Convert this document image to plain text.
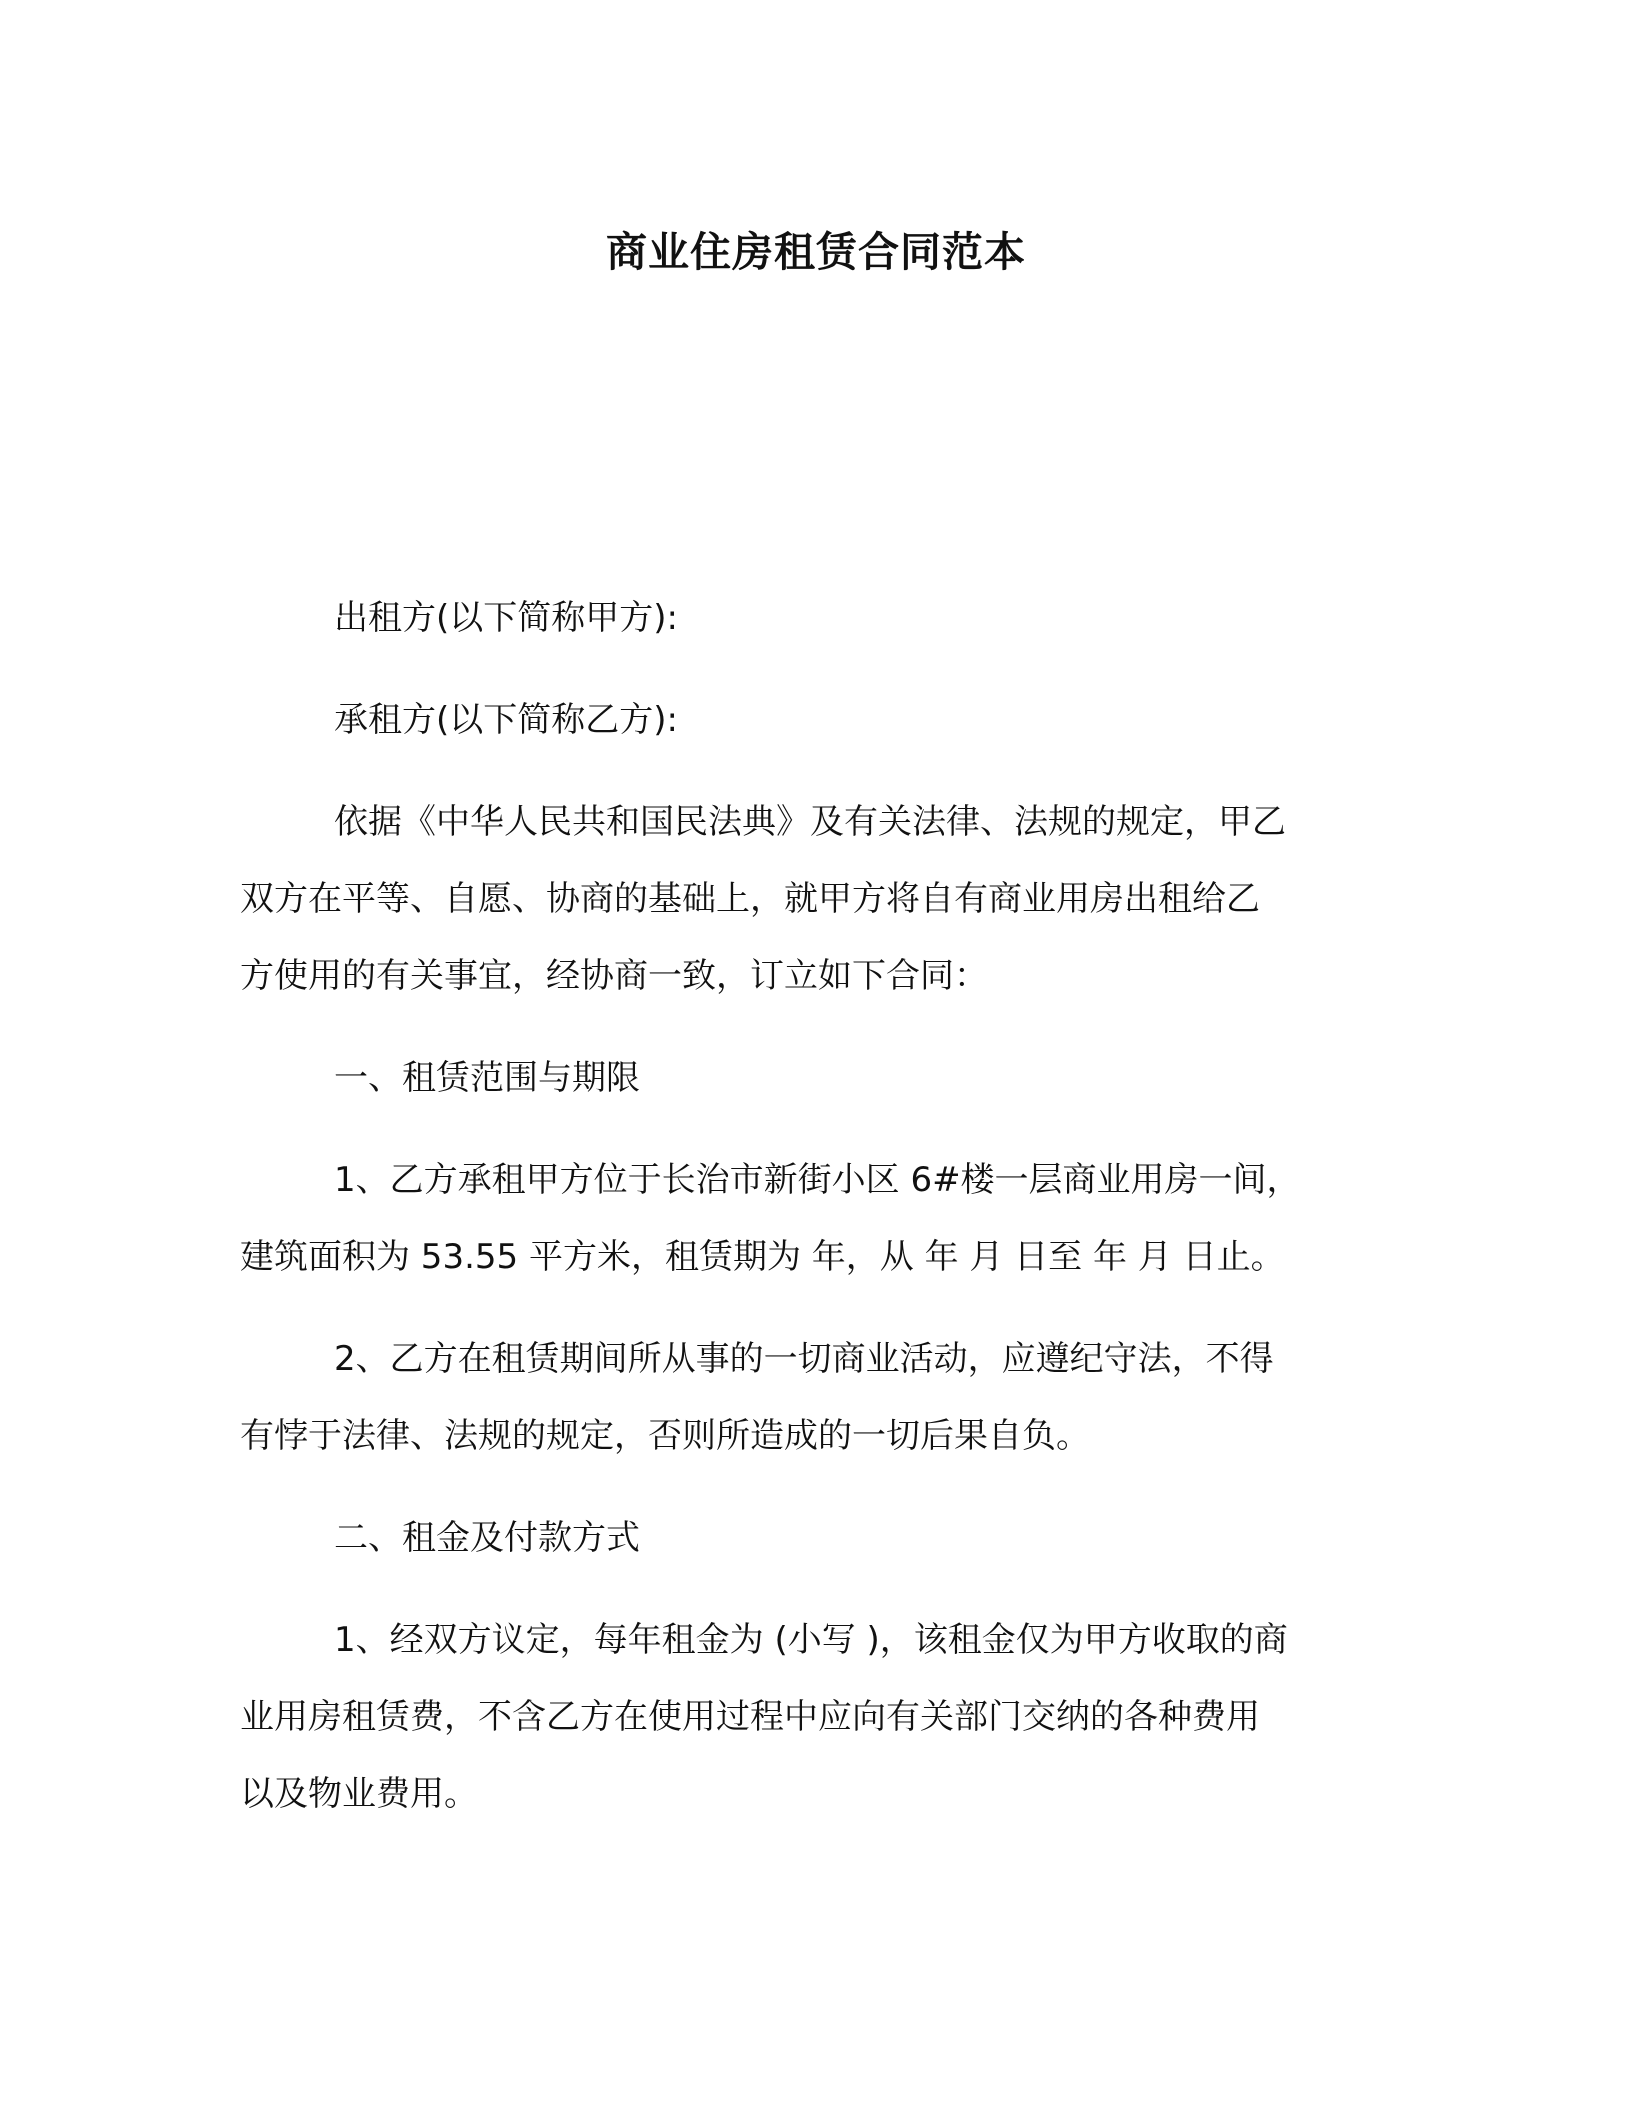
商业住房租赁合同范本
出租方(以下简称甲方):
承租方(以下简称乙方):
依据《中华人民共和国民法典》及有关法律、法规的规定，甲乙
双方在平等、自愿、协商的基础上，就甲方将自有商业用房出租给乙
方使用的有关事宜，经协商一致，订立如下合同：
一、租赁范围与期限
1、乙方承租甲方位于长治市新街小区 6#楼一层商业用房一间，
建筑面积为 53.55 平方米，租赁期为 年，从 年 月 日至 年 月 日止。
2、乙方在租赁期间所从事的一切商业活动，应遵纪守法，不得
有悖于法律、法规的规定，否则所造成的一切后果自负。
二、租金及付款方式
1、经双方议定，每年租金为 (小写 )，该租金仅为甲方收取的商
业用房租赁费，不含乙方在使用过程中应向有关部门交纳的各种费用
以及物业费用。
